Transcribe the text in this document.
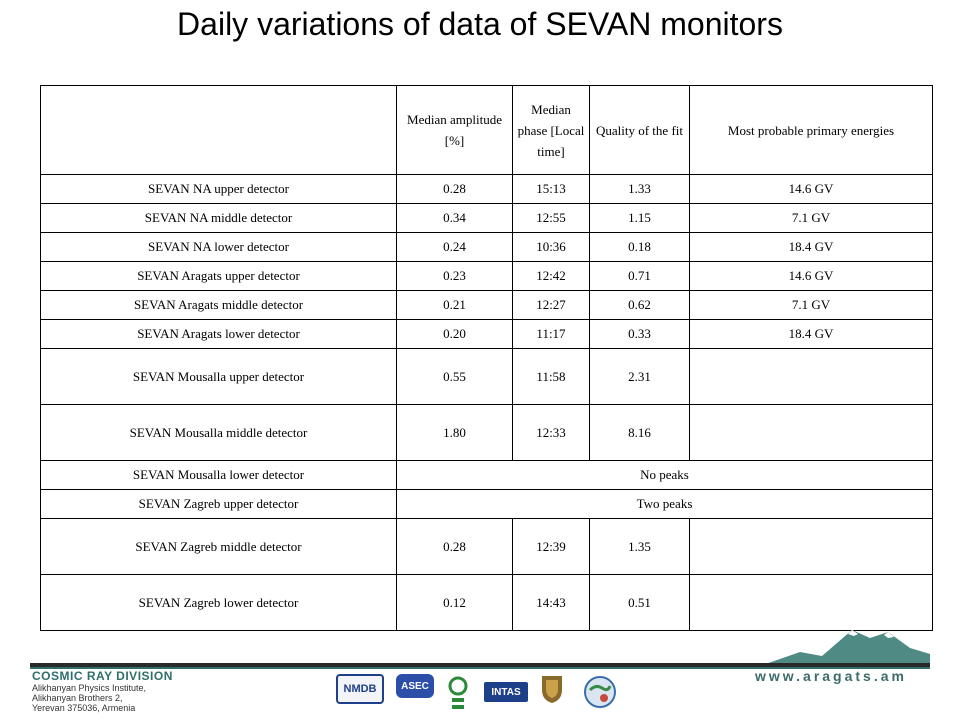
Daily variations of data of SEVAN monitors
	Median amplitude [%]	Median phase [Local time]	Quality of the fit	Most probable primary energies
SEVAN NA upper detector	0.28	15:13	1.33	14.6 GV
SEVAN NA middle detector	0.34	12:55	1.15	7.1 GV
SEVAN NA lower detector	0.24	10:36	0.18	18.4 GV
SEVAN Aragats upper detector	0.23	12:42	0.71	14.6 GV
SEVAN Aragats middle detector	0.21	12:27	0.62	7.1 GV
SEVAN Aragats lower detector	0.20	11:17	0.33	18.4 GV
SEVAN Mousalla upper detector	0.55	11:58	2.31	
SEVAN Mousalla middle detector	1.80	12:33	8.16	
SEVAN Mousalla lower detector	No peaks			
SEVAN Zagreb upper detector	Two peaks			
SEVAN Zagreb middle detector	0.28	12:39	1.35	
SEVAN Zagreb lower detector	0.12	14:43	0.51	
COSMIC RAY DIVISION
Alikhanyan Physics Institute,
Alikhanyan Brothers 2,
Yerevan 375036, Armenia
NMDB ASEC
INTAS
www.aragats.am
